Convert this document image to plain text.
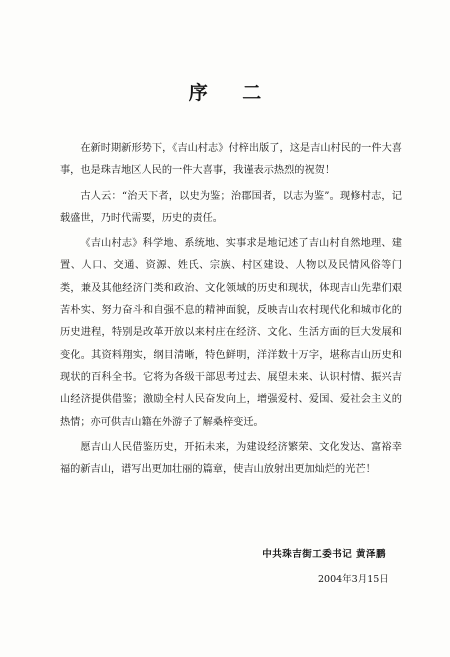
序 二

在新时期新形势下，《吉山村志》付梓出版了，这是吉山村民的一件大喜事，也是珠吉地区人民的一件大喜事，我谨表示热烈的祝贺！

古人云：“治天下者，以史为鉴；治郡国者，以志为鉴”。现修村志，记载盛世，乃时代需要，历史的责任。

《吉山村志》科学地、系统地、实事求是地记述了吉山村自然地理、建置、人口、交通、资源、姓氏、宗族、村区建设、人物以及民情风俗等门类，兼及其他经济门类和政治、文化领域的历史和现状，体现吉山先辈们艰苦朴实、努力奋斗和自强不息的精神面貌，反映吉山农村现代化和城市化的历史进程，特别是改革开放以来村庄在经济、文化、生活方面的巨大发展和变化。其资料翔实，纲目清晰，特色鲜明，洋洋数十万字，堪称吉山历史和现状的百科全书。它将为各级干部思考过去、展望未来、认识村情、振兴吉山经济提供借鉴；激励全村人民奋发向上，增强爱村、爱国、爱社会主义的热情；亦可供吉山籍在外游子了解桑梓变迁。

愿吉山人民借鉴历史，开拓未来，为建设经济繁荣、文化发达、富裕幸福的新吉山，谱写出更加壮丽的篇章，使吉山放射出更加灿烂的光芒！

中共珠吉街工委书记 黄泽鹏
2004年3月15日
